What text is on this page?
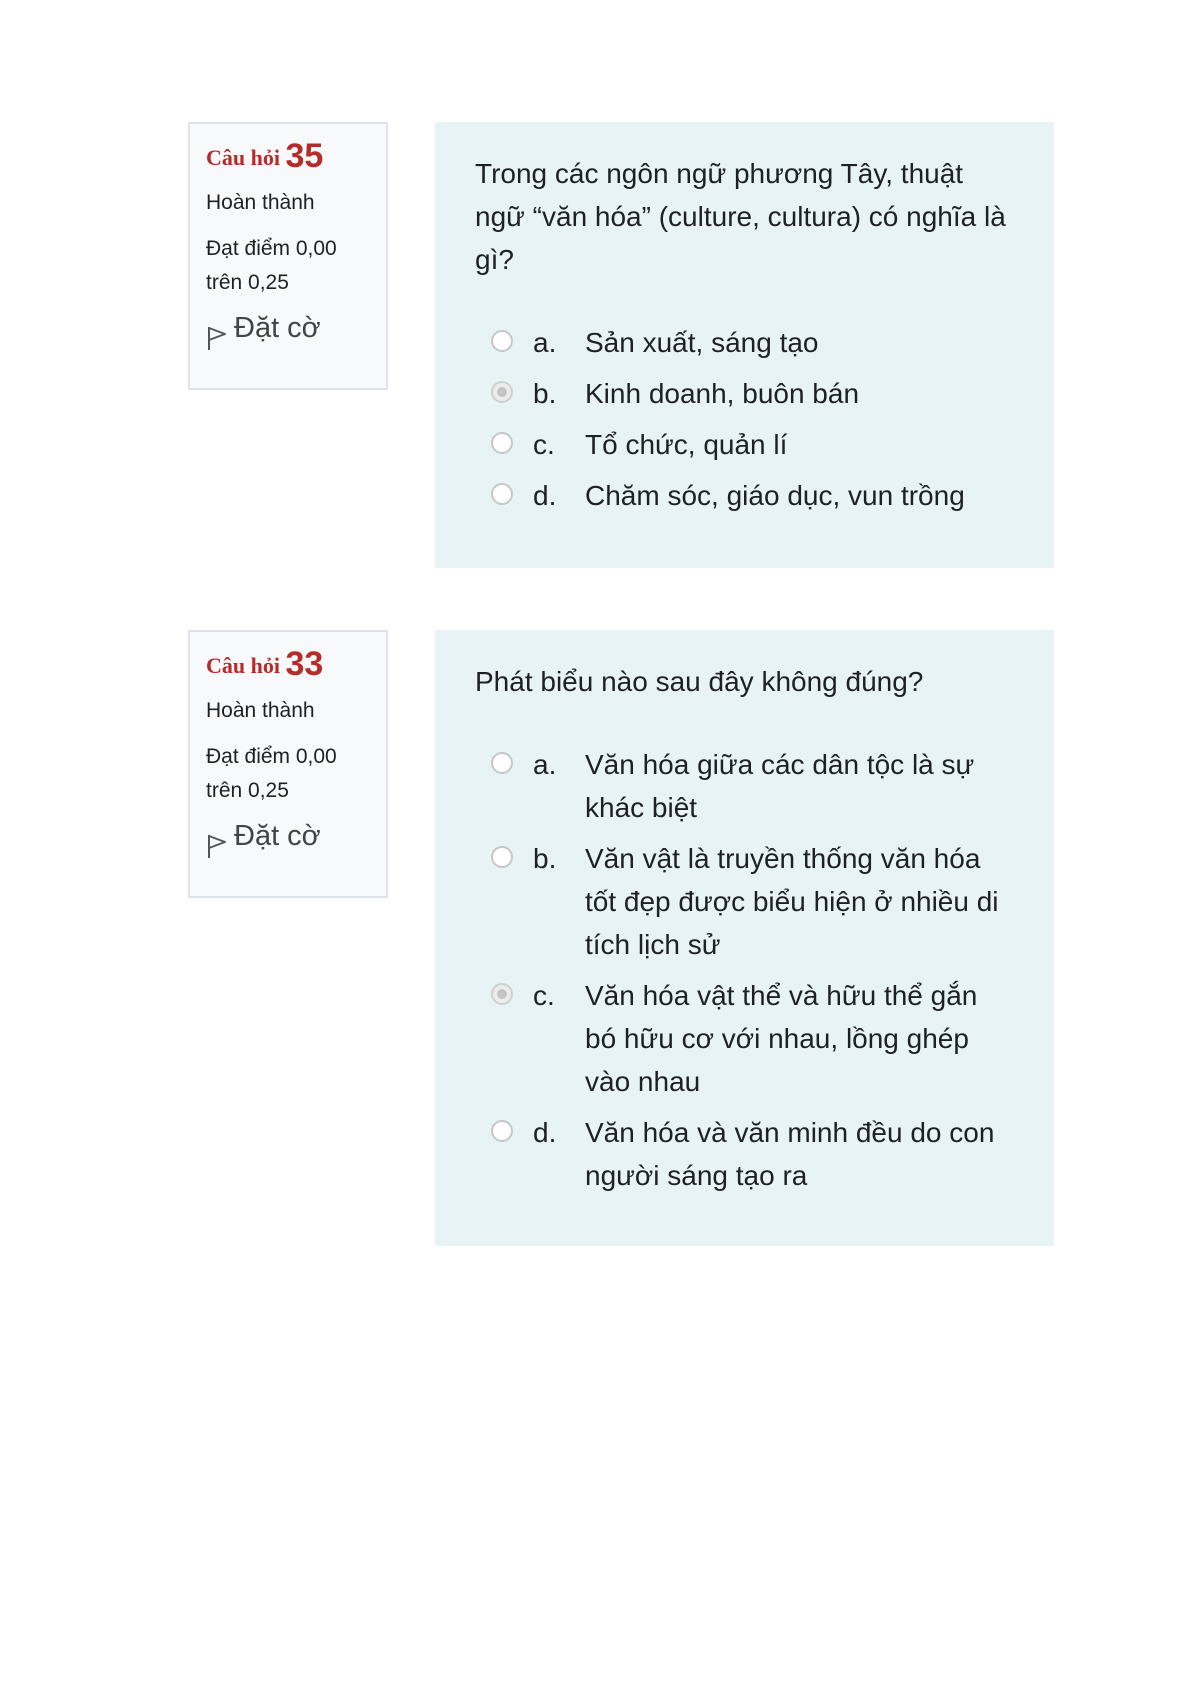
Câu hỏi 35
Hoàn thành
Đạt điểm 0,00
trên 0,25
Đặt cờ

Trong các ngôn ngữ phương Tây, thuật ngữ “văn hóa” (culture, cultura) có nghĩa là gì?

a.	Sản xuất, sáng tạo
b.	Kinh doanh, buôn bán
c.	Tổ chức, quản lí
d.	Chăm sóc, giáo dục, vun trồng
Câu hỏi 33
Hoàn thành
Đạt điểm 0,00
trên 0,25
Đặt cờ

Phát biểu nào sau đây không đúng?

a.	Văn hóa giữa các dân tộc là sự khác biệt
b.	Văn vật là truyền thống văn hóa tốt đẹp được biểu hiện ở nhiều di tích lịch sử
c.	Văn hóa vật thể và hữu thể gắn bó hữu cơ với nhau, lồng ghép vào nhau
d.	Văn hóa và văn minh đều do con người sáng tạo ra
